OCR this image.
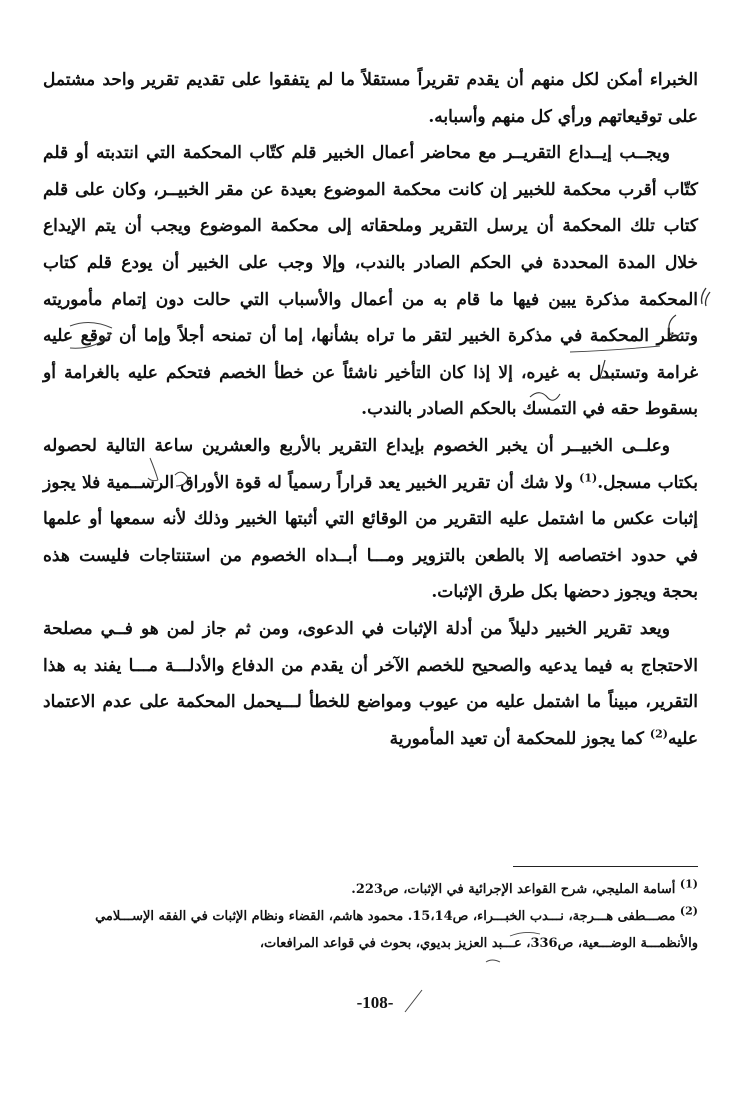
الخبراء أمكن لكل منهم أن يقدم تقريراً مستقلاً ما لم يتفقوا على تقديم تقرير واحد مشتمل على توقيعاتهم ورأي كل منهم وأسبابه.

ويجــب إيــداع التقريــر مع محاضر أعمال الخبير قلم كتّاب المحكمة التي انتدبته أو قلم كتّاب أقرب محكمة للخبير إن كانت محكمة الموضوع بعيدة عن مقر الخبيــر، وكان على قلم كتاب تلك المحكمة أن يرسل التقرير وملحقاته إلى محكمة الموضوع ويجب أن يتم الإيداع خلال المدة المحددة في الحكم الصادر بالندب، وإلا وجب على الخبير أن يودع قلم كتاب المحكمة مذكرة يبين فيها ما قام به من أعمال والأسباب التي حالت دون إتمام مأموريته وتنظر المحكمة في مذكرة الخبير لتقر ما تراه بشأنها، إما أن تمنحه أجلاً وإما أن توقع عليه غرامة وتستبدل به غيره، إلا إذا كان التأخير ناشئاً عن خطأ الخصم فتحكم عليه بالغرامة أو بسقوط حقه في التمسك بالحكم الصادر بالندب.

وعلــى الخبيــر أن يخبر الخصوم بإيداع التقرير بالأربع والعشرين ساعة التالية لحصوله بكتاب مسجل.$^{(1)}$ ولا شك أن تقرير الخبير يعد قراراً رسمياً له قوة الأوراق الرســمية فلا يجوز إثبات عكس ما اشتمل عليه التقرير من الوقائع التي أثبتها الخبير وذلك لأنه سمعها أو علمها في حدود اختصاصه إلا بالطعن بالتزوير ومـــا أبــداه الخصوم من استنتاجات فليست هذه بحجة ويجوز دحضها بكل طرق الإثبات.

ويعد تقرير الخبير دليلاً من أدلة الإثبات في الدعوى، ومن ثم جاز لمن هو فــي مصلحة الاحتجاج به فيما يدعيه والصحيح للخصم الآخر أن يقدم من الدفاع والأدلـــة مـــا يفند به هذا التقرير، مبيناً ما اشتمل عليه من عيوب ومواضع للخطأ لـــيحمل المحكمة على عدم الاعتماد عليه$^{(2)}$ كما يجوز للمحكمة أن تعيد المأمورية

$^{(1)}$ أسامة المليجي، شرح القواعد الإجرائية في الإثبات، ص223.

$^{(2)}$ مصـــطفى هـــرجة، نـــدب الخبـــراء، ص15،14. محمود هاشم، القضاء ونظام الإثبات في الفقه الإســـلامي والأنظمـــة الوضـــعية، ص336، عـــبد العزيز بديوي، بحوث في قواعد المرافعات،

-108-
